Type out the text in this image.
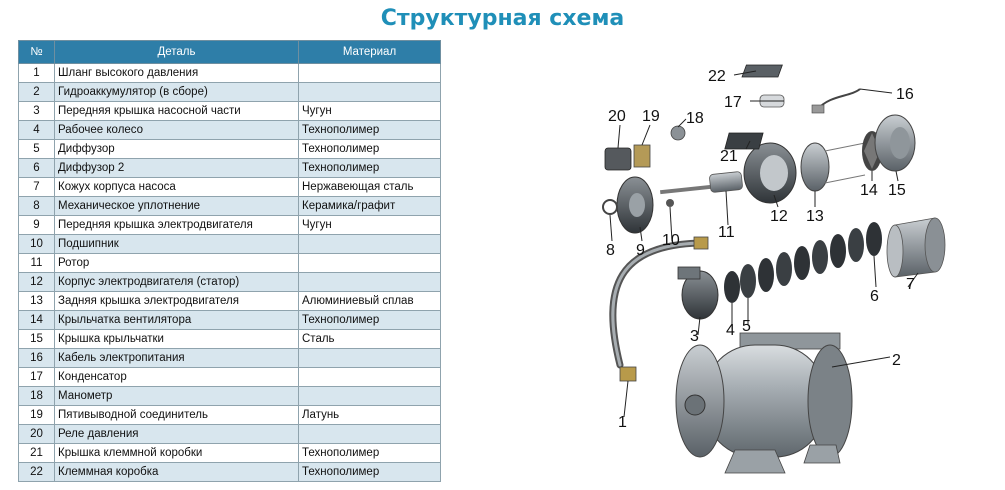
Структурная схема
№	Деталь	Материал
1	Шланг высокого давления	
2	Гидроаккумулятор (в сборе)	
3	Передняя крышка насосной части	Чугун
4	Рабочее колесо	Технополимер
5	Диффузор	Технополимер
6	Диффузор 2	Технополимер
7	Кожух корпуса насоса	Нержавеющая сталь
8	Механическое уплотнение	Керамика/графит
9	Передняя крышка электродвигателя	Чугун
10	Подшипник	
11	Ротор	
12	Корпус электродвигателя (статор)	
13	Задняя крышка электродвигателя	Алюминиевый сплав
14	Крыльчатка вентилятора	Технополимер
15	Крышка крыльчатки	Сталь
16	Кабель электропитания	
17	Конденсатор	
18	Манометр	
19	Пятивыводной соединитель	Латунь
20	Реле давления	
21	Крышка клеммной коробки	Технополимер
22	Клеммная коробка	Технополимер
1
2
3 4 5
6
7
8 9
10 11
12 13
14 15
16
17
18
19
20
21
22
